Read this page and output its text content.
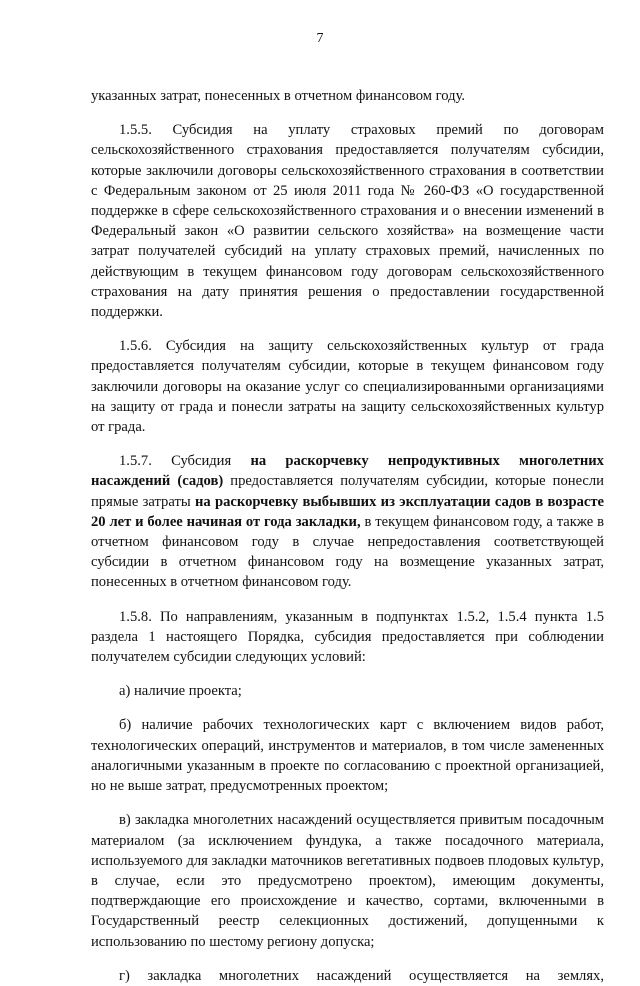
7

указанных затрат, понесенных в отчетном финансовом году.

1.5.5. Субсидия на уплату страховых премий по договорам сельскохозяйственного страхования предоставляется получателям субсидии, которые заключили договоры сельскохозяйственного страхования в соответствии с Федеральным законом от 25 июля 2011 года № 260-ФЗ «О государственной поддержке в сфере сельскохозяйственного страхования и о внесении изменений в Федеральный закон «О развитии сельского хозяйства» на возмещение части затрат получателей субсидий на уплату страховых премий, начисленных по действующим в текущем финансовом году договорам сельскохозяйственного страхования на дату принятия решения о предоставлении государственной поддержки.

1.5.6. Субсидия на защиту сельскохозяйственных культур от града предоставляется получателям субсидии, которые в текущем финансовом году заключили договоры на оказание услуг со специализированными организациями на защиту от града и понесли затраты на защиту сельскохозяйственных культур от града.

1.5.7. Субсидия на раскорчевку непродуктивных многолетних насаждений (садов) предоставляется получателям субсидии, которые понесли прямые затраты на раскорчевку выбывших из эксплуатации садов в возрасте 20 лет и более начиная от года закладки, в текущем финансовом году, а также в отчетном финансовом году в случае непредоставления соответствующей субсидии в отчетном финансовом году на возмещение указанных затрат, понесенных в отчетном финансовом году.

1.5.8. По направлениям, указанным в подпунктах 1.5.2, 1.5.4 пункта 1.5 раздела 1 настоящего Порядка, субсидия предоставляется при соблюдении получателем субсидии следующих условий:

а) наличие проекта;

б) наличие рабочих технологических карт с включением видов работ, технологических операций, инструментов и материалов, в том числе замененных аналогичными указанным в проекте по согласованию с проектной организацией, но не выше затрат, предусмотренных проектом;

в) закладка многолетних насаждений осуществляется привитым посадочным материалом (за исключением фундука, а также посадочного материала, используемого для закладки маточников вегетативных подвоев плодовых культур, в случае, если это предусмотрено проектом), имеющим документы, подтверждающие его происхождение и качество, сортами, включенными в Государственный реестр селекционных достижений, допущенными к использованию по шестому региону допуска;

г) закладка многолетних насаждений осуществляется на землях,
